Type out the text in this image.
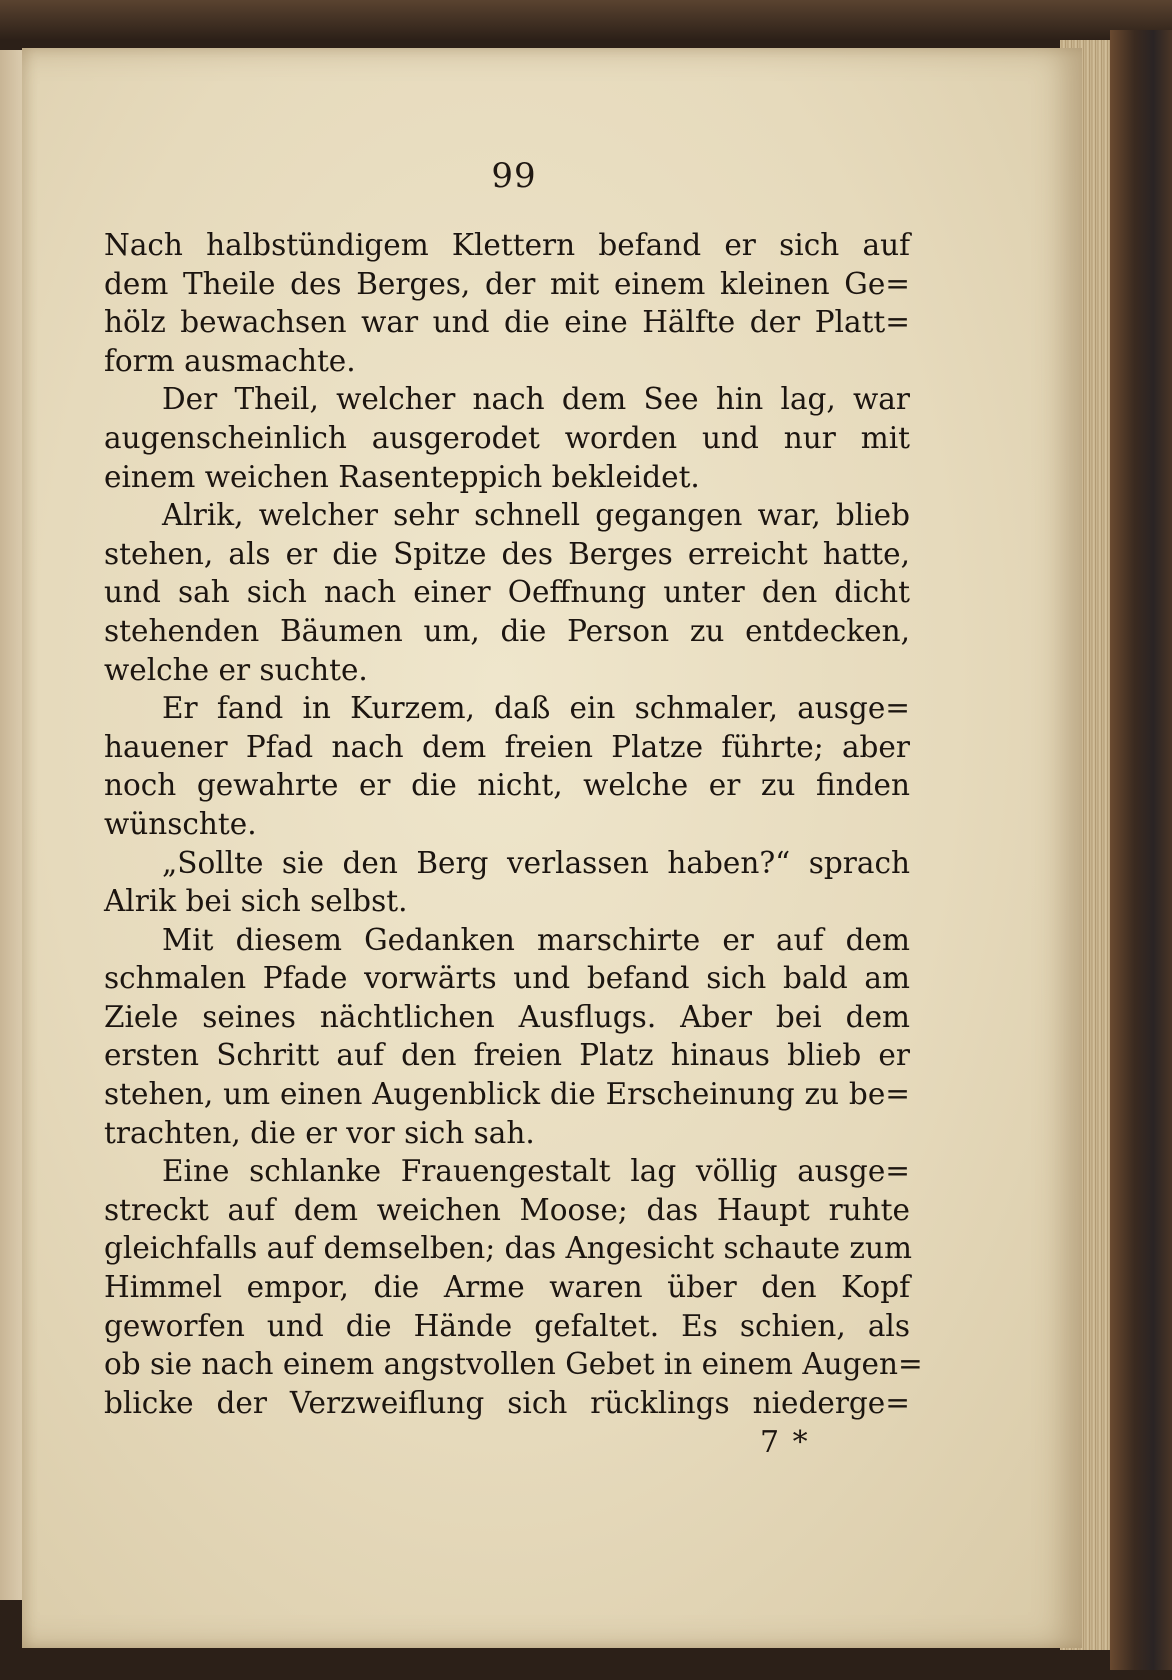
99
Nach halbstündigem Klettern befand er sich auf
dem Theile des Berges, der mit einem kleinen Ge=
hölz bewachsen war und die eine Hälfte der Platt=
form ausmachte.
Der Theil, welcher nach dem See hin lag, war
augenscheinlich ausgerodet worden und nur mit
einem weichen Rasenteppich bekleidet.
Alrik, welcher sehr schnell gegangen war, blieb
stehen, als er die Spitze des Berges erreicht hatte,
und sah sich nach einer Oeffnung unter den dicht
stehenden Bäumen um, die Person zu entdecken,
welche er suchte.
Er fand in Kurzem, daß ein schmaler, ausge=
hauener Pfad nach dem freien Platze führte; aber
noch gewahrte er die nicht, welche er zu finden
wünschte.
„Sollte sie den Berg verlassen haben?“ sprach
Alrik bei sich selbst.
Mit diesem Gedanken marschirte er auf dem
schmalen Pfade vorwärts und befand sich bald am
Ziele seines nächtlichen Ausflugs. Aber bei dem
ersten Schritt auf den freien Platz hinaus blieb er
stehen, um einen Augenblick die Erscheinung zu be=
trachten, die er vor sich sah.
Eine schlanke Frauengestalt lag völlig ausge=
streckt auf dem weichen Moose; das Haupt ruhte
gleichfalls auf demselben; das Angesicht schaute zum
Himmel empor, die Arme waren über den Kopf
geworfen und die Hände gefaltet. Es schien, als
ob sie nach einem angstvollen Gebet in einem Augen=
blicke der Verzweiflung sich rücklings niederge=
7 *
